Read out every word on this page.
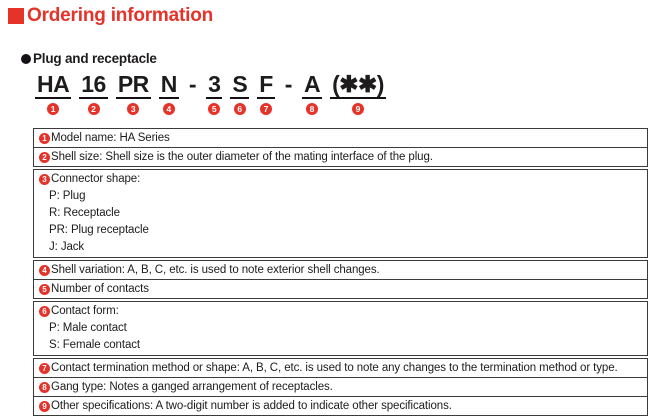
Ordering information
Plug and receptacle
HA
1
16
2
PR
3
N
4
- 3
5
S
6
F
7
- A
8
(✱✱)
9
1 Model name: HA Series
2 Shell size: Shell size is the outer diameter of the mating interface of the plug.
3 Connector shape:
P: Plug
R: Receptacle
PR: Plug receptacle
J: Jack
4 Shell variation: A, B, C, etc. is used to note exterior shell changes.
5 Number of contacts
6 Contact form:
P: Male contact
S: Female contact
7 Contact termination method or shape: A, B, C, etc. is used to note any changes to the termination method or type.
8 Gang type: Notes a ganged arrangement of receptacles.
9 Other specifications: A two-digit number is added to indicate other specifications.
